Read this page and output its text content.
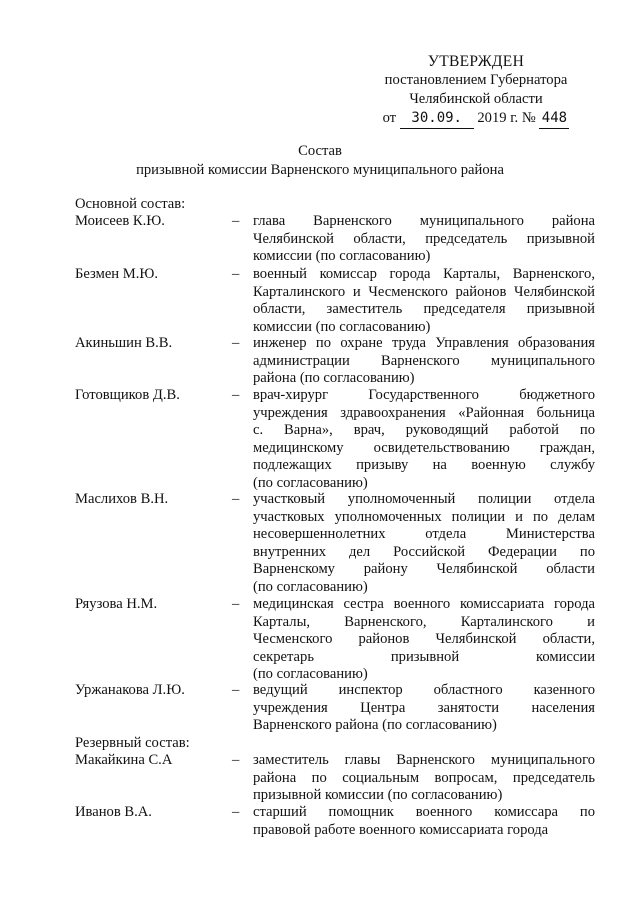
УТВЕРЖДЕН
постановлением Губернатора
Челябинской области
от 30.09. 2019 г. № 448
Состав
призывной комиссии Варненского муниципального района
Основной состав:
Моисеев К.Ю.	– глава Варненского муниципального района
Челябинской области, председатель призывной
комиссии (по согласованию)
Безмен М.Ю.	– военный комиссар города Карталы, Варненского,
Карталинского и Чесменского районов Челябинской
области, заместитель председателя призывной
комиссии (по согласованию)
Акиньшин В.В.	– инженер по охране труда Управления образования
администрации Варненского муниципального
района (по согласованию)
Готовщиков Д.В.	– врач-хирург Государственного бюджетного
учреждения здравоохранения «Районная больница
с. Варна», врач, руководящий работой по
медицинскому освидетельствованию граждан,
подлежащих призыву на военную службу
(по согласованию)
Маслихов В.Н.	– участковый уполномоченный полиции отдела
участковых уполномоченных полиции и по делам
несовершеннолетних отдела Министерства
внутренних дел Российской Федерации по
Варненскому району Челябинской области
(по согласованию)
Ряузова Н.М.	– медицинская сестра военного комиссариата города
Карталы, Варненского, Карталинского и
Чесменского районов Челябинской области,
секретарь призывной комиссии
(по согласованию)
Уржанакова Л.Ю.	– ведущий инспектор областного казенного
учреждения Центра занятости населения
Варненского района (по согласованию)
Резервный состав:
Макайкина С.А	– заместитель главы Варненского муниципального
района по социальным вопросам, председатель
призывной комиссии (по согласованию)
Иванов В.А.	– старший помощник военного комиссара по
правовой работе военного комиссариата города
